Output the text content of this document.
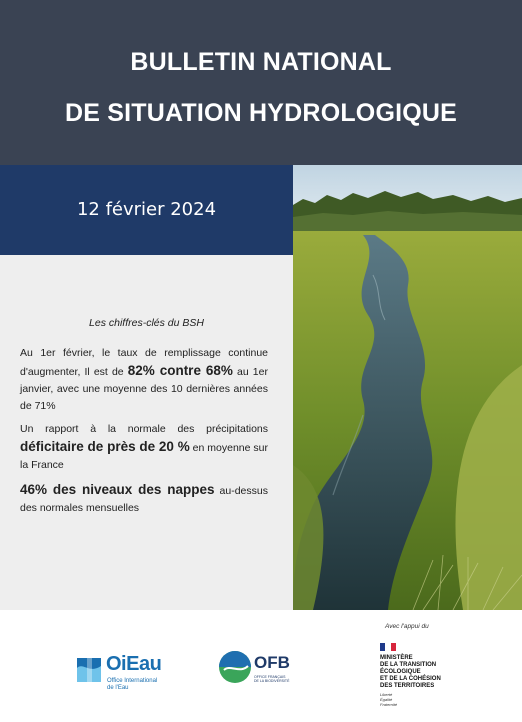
BULLETIN NATIONAL
DE SITUATION HYDROLOGIQUE
12 février 2024
Les chiffres-clés du BSH
Au 1er février, le taux de remplissage continue d'augmenter, Il est de 82% contre 68% au 1er janvier, avec une moyenne des 10 dernières années de 71%
Un rapport à la normale des précipitations déficitaire de près de 20 % en moyenne sur la France
46% des niveaux des nappes au-dessus des normales mensuelles
Avec l'appui du
OiEau
Office International
de l'Eau
OFB
OFFICE FRANÇAIS
DE LA BIODIVERSITÉ
MINISTÈRE
DE LA TRANSITION
ÉCOLOGIQUE
ET DE LA COHÉSION
DES TERRITOIRES
Liberté
Égalité
Fraternité
